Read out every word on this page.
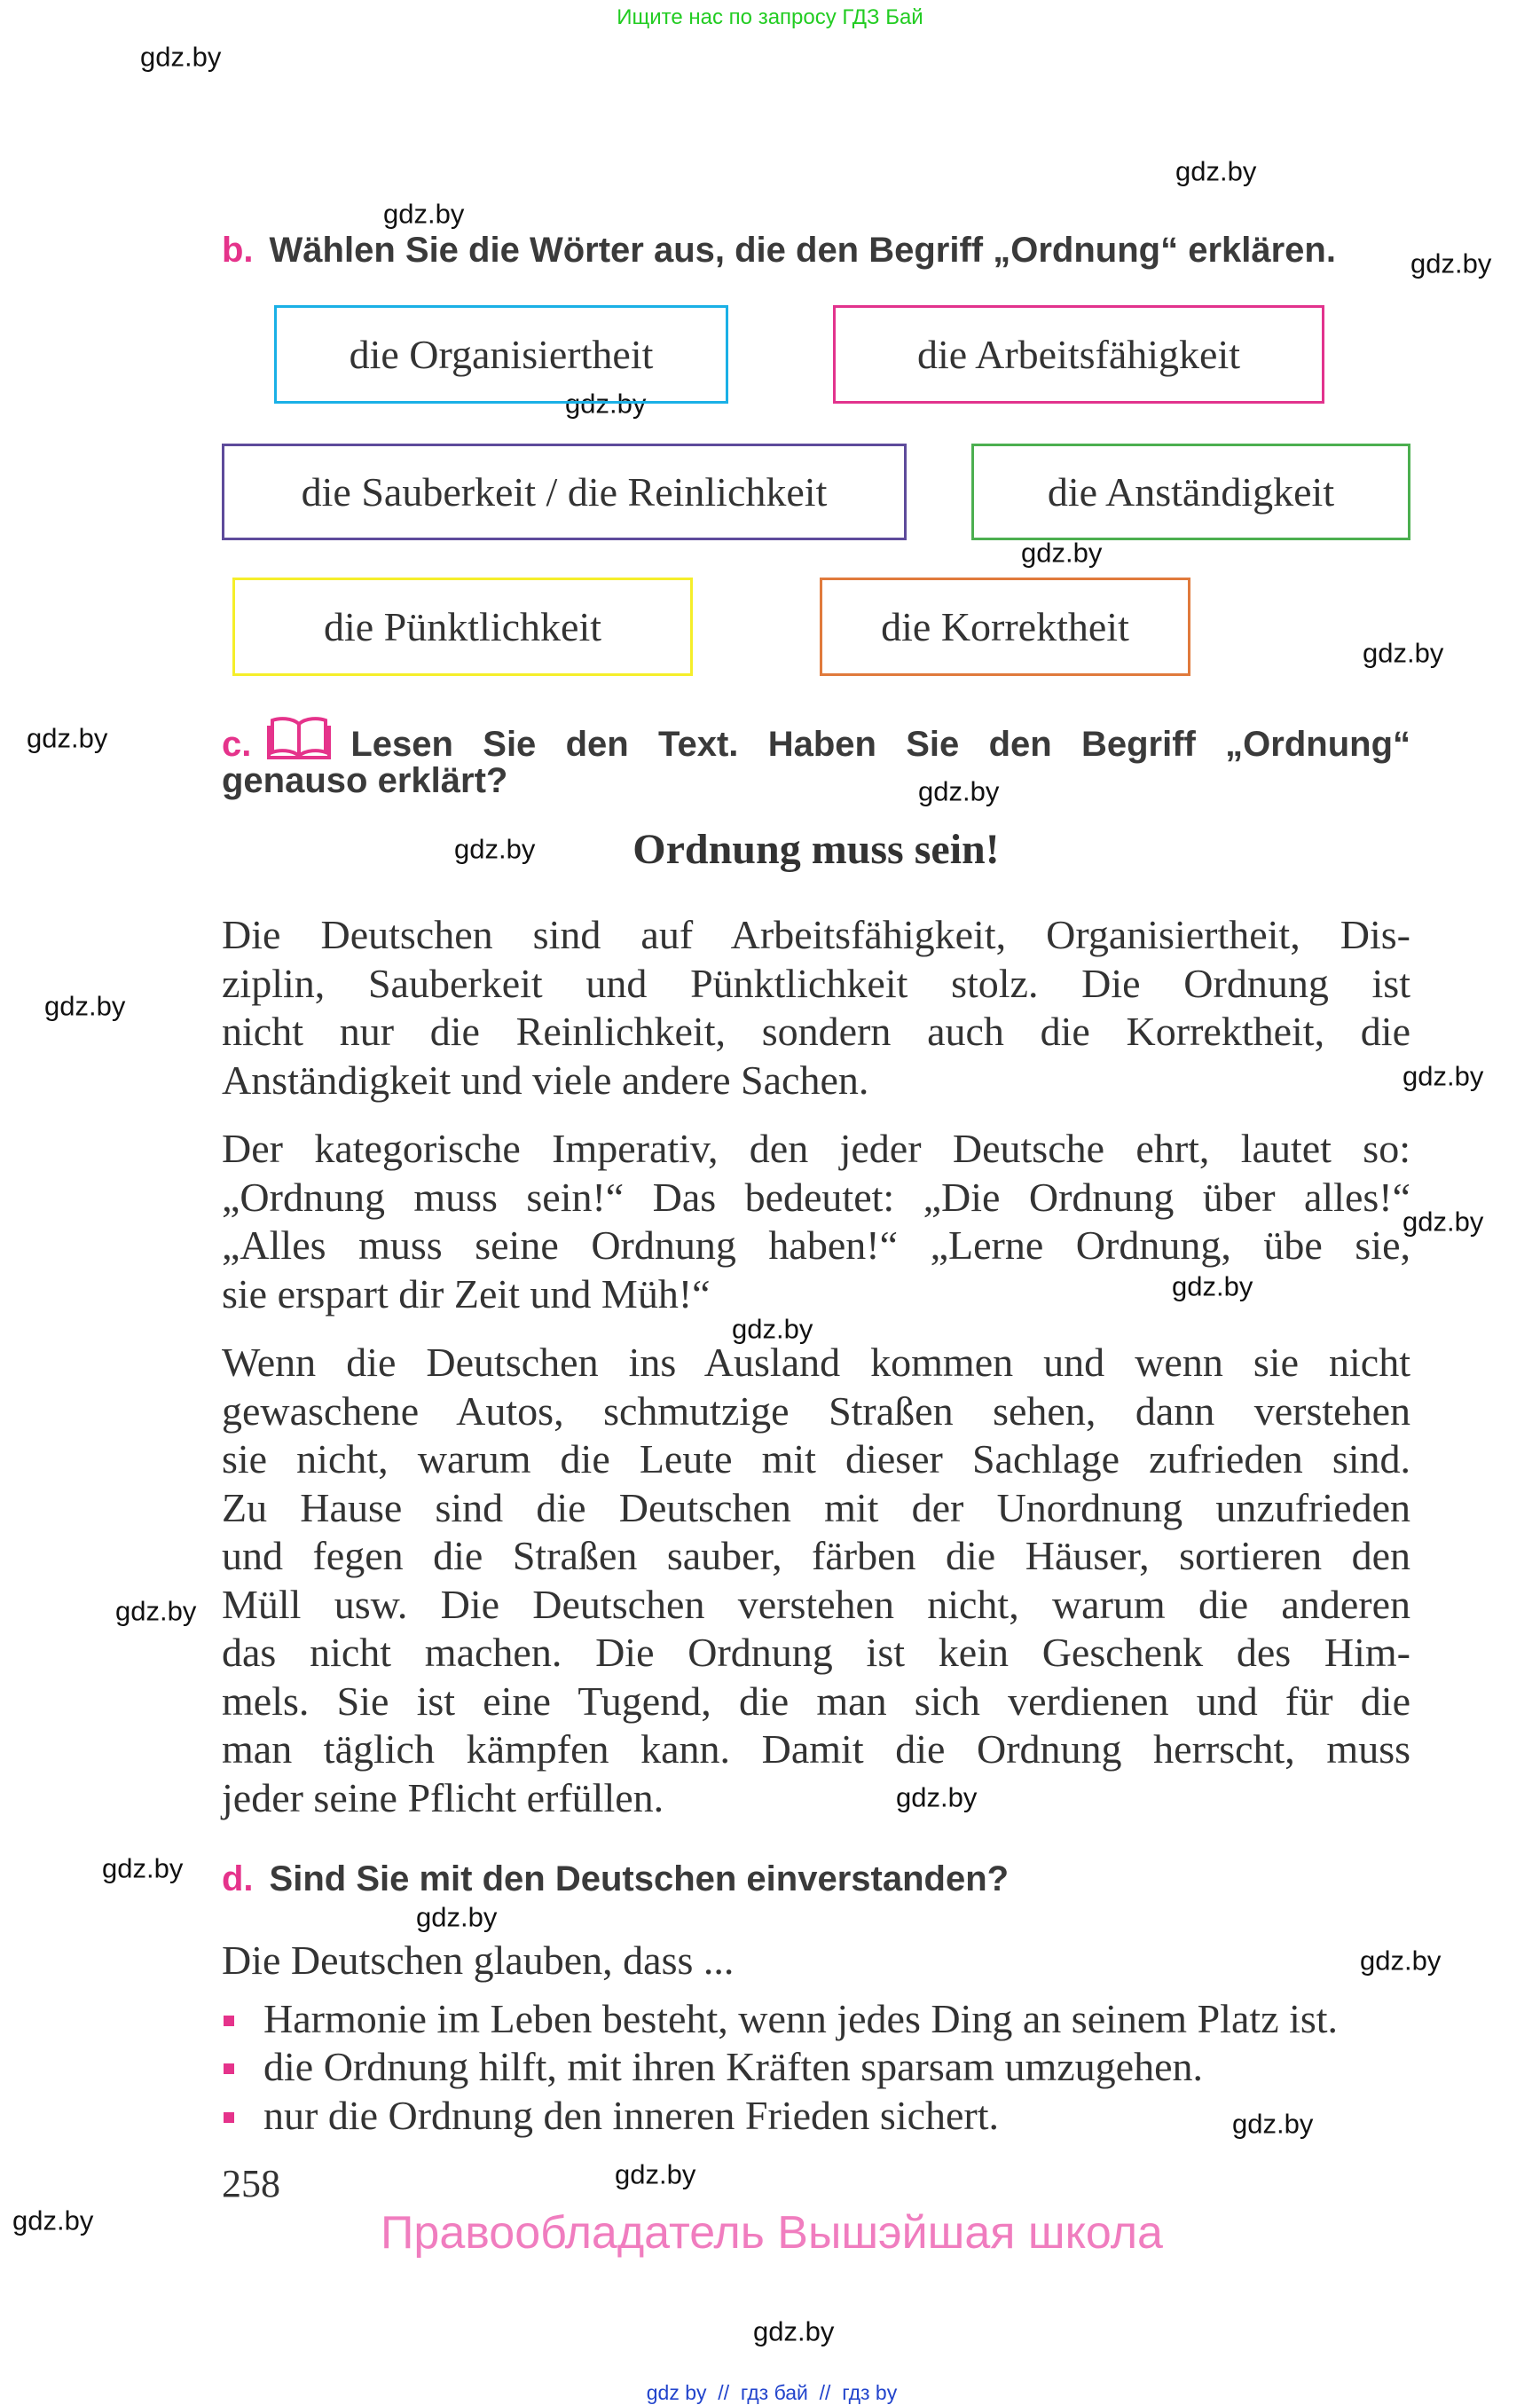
Ищите нас по запросу ГДЗ Бай
gdz.by
gdz.by
gdz.by
gdz.by
gdz.by
gdz.by
gdz.by
gdz.by
gdz.by
gdz.by
gdz.by
gdz.by
gdz.by
gdz.by
gdz.by
gdz.by
gdz.by
gdz.by
gdz.by
gdz.by
gdz.by
gdz.by
gdz.by
gdz.by
b. Wählen Sie die Wörter aus, die den Begriff „Ordnung“ erklären.
die Organisiertheit	die Arbeitsfähigkeit
die Sauberkeit / die Reinlichkeit	die Anständigkeit
die Pünktlichkeit	die Korrektheit
c.	Lesen Sie den Text. Haben Sie den Begriff „Ordnung“
genauso erklärt?
Ordnung muss sein!
Die Deutschen sind auf Arbeitsfähigkeit, Organisiertheit, Dis-
ziplin, Sauberkeit und Pünktlichkeit stolz. Die Ordnung ist
nicht nur die Reinlichkeit, sondern auch die Korrektheit, die
Anständigkeit und viele andere Sachen.
Der kategorische Imperativ, den jeder Deutsche ehrt, lautet so:
„Ordnung muss sein!“ Das bedeutet: „Die Ordnung über alles!“
„Alles muss seine Ordnung haben!“ „Lerne Ordnung, übe sie,
sie erspart dir Zeit und Müh!“
Wenn die Deutschen ins Ausland kommen und wenn sie nicht
gewaschene Autos, schmutzige Straßen sehen, dann verstehen
sie nicht, warum die Leute mit dieser Sachlage zufrieden sind.
Zu Hause sind die Deutschen mit der Unordnung unzufrieden
und fegen die Straßen sauber, färben die Häuser, sortieren den
Müll usw. Die Deutschen verstehen nicht, warum die anderen
das nicht machen. Die Ordnung ist kein Geschenk des Him-
mels. Sie ist eine Tugend, die man sich verdienen und für die
man täglich kämpfen kann. Damit die Ordnung herrscht, muss
jeder seine Pflicht erfüllen.
d. Sind Sie mit den Deutschen einverstanden?
Die Deutschen glauben, dass ...
Harmonie im Leben besteht, wenn jedes Ding an seinem Platz ist.
die Ordnung hilft, mit ihren Kräften sparsam umzugehen.
nur die Ordnung den inneren Frieden sichert.
258
Правообладатель Вышэйшая школа
gdz by  //  гдз бай  //  гдз by
